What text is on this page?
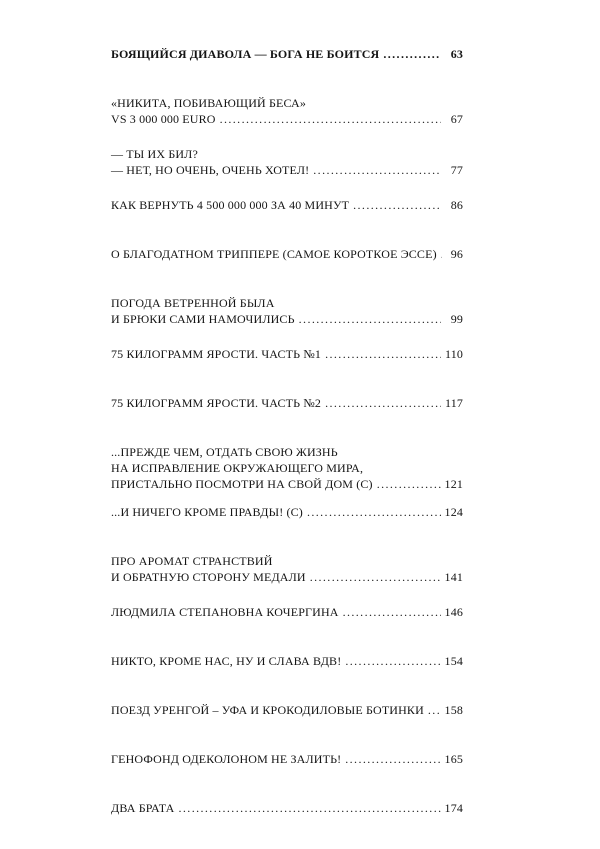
БОЯЩИЙСЯ ДИАВОЛА — БОГА НЕ БОИТСЯ . . .	63
«НИКИТА, ПОБИВАЮЩИЙ БЕСА»
VS 3 000 000 EURO . . .	67
— ТЫ ИХ БИЛ?
— НЕТ, НО ОЧЕНЬ, ОЧЕНЬ ХОТЕЛ! . . .	77
КАК ВЕРНУТЬ 4 500 000 000 ЗА 40 МИНУТ . . .	86
О БЛАГОДАТНОМ ТРИППЕРЕ (САМОЕ КОРОТКОЕ ЭССЕ) . . .	96
ПОГОДА ВЕТРЕННОЙ БЫЛА
И БРЮКИ САМИ НАМОЧИЛИСЬ . . .	99
75 КИЛОГРАММ ЯРОСТИ. ЧАСТЬ №1 . . .	110
75 КИЛОГРАММ ЯРОСТИ. ЧАСТЬ №2 . . .	117
...ПРЕЖДЕ ЧЕМ, ОТДАТЬ СВОЮ ЖИЗНЬ
НА ИСПРАВЛЕНИЕ ОКРУЖАЮЩЕГО МИРА,
ПРИСТАЛЬНО ПОСМОТРИ НА СВОЙ ДОМ (C) . . .	121
...И НИЧЕГО КРОМЕ ПРАВДЫ! (C) . . .	124
ПРО АРОМАТ СТРАНСТВИЙ
И ОБРАТНУЮ СТОРОНУ МЕДАЛИ . . .	141
ЛЮДМИЛА СТЕПАНОВНА КОЧЕРГИНА . . .	146
НИКТО, КРОМЕ НАС, НУ И СЛАВА ВДВ! . . .	154
ПОЕЗД УРЕНГОЙ – УФА И КРОКОДИЛОВЫЕ БОТИНКИ . . . 158
ГЕНОФОНД ОДЕКОЛОНОМ НЕ ЗАЛИТЬ! . . .	165
ДВА БРАТА . . .	174
